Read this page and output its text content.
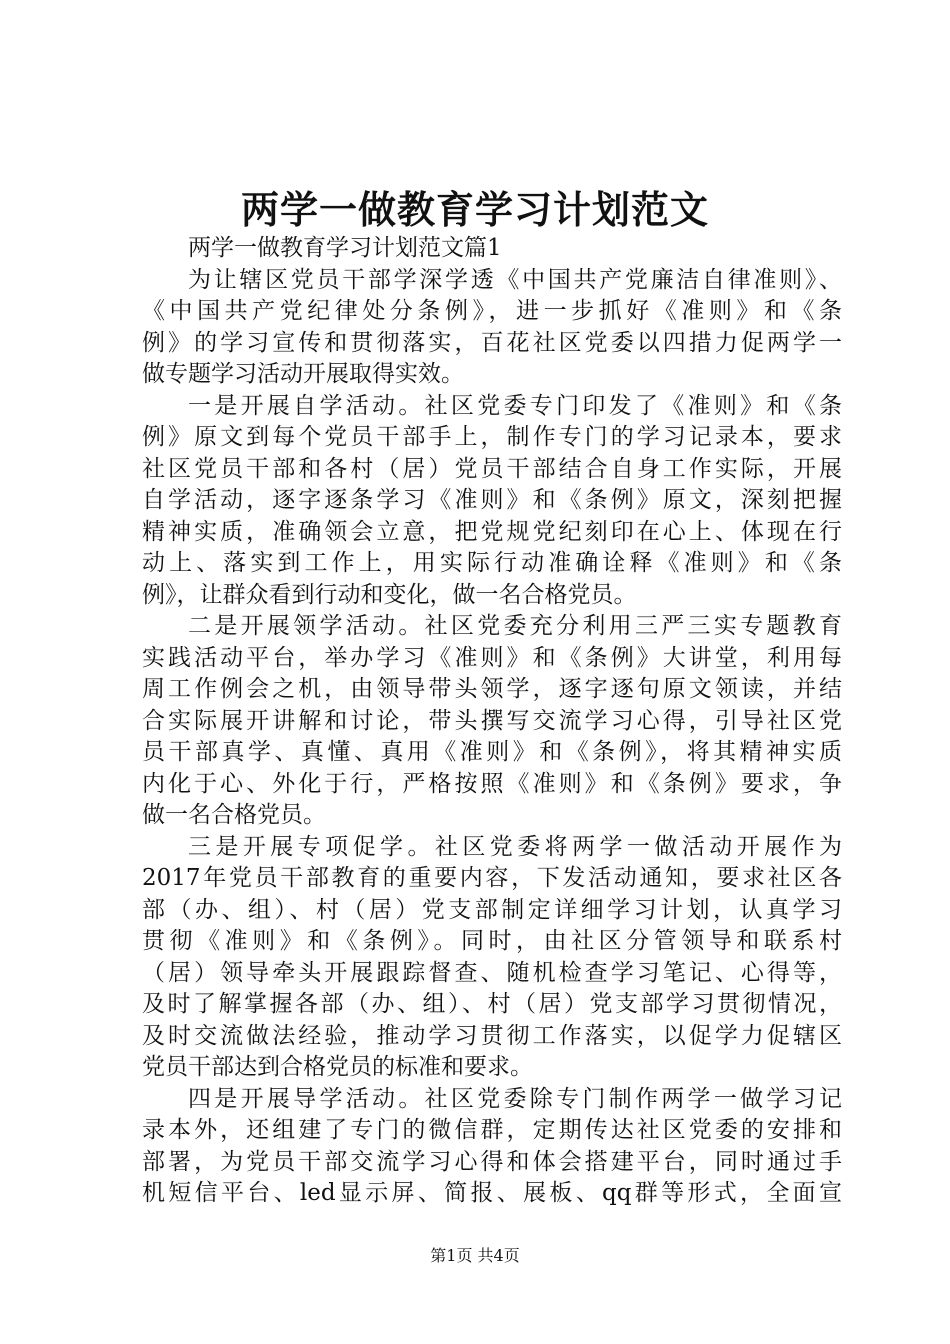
两学一做教育学习计划范文
两学一做教育学习计划范文篇1
为让辖区党员干部学深学透《中国共产党廉洁自律准则》、
《中国共产党纪律处分条例》，进一步抓好《准则》和《条
例》的学习宣传和贯彻落实，百花社区党委以四措力促两学一
做专题学习活动开展取得实效。
一是开展自学活动。社区党委专门印发了《准则》和《条
例》原文到每个党员干部手上，制作专门的学习记录本，要求
社区党员干部和各村（居）党员干部结合自身工作实际，开展
自学活动，逐字逐条学习《准则》和《条例》原文，深刻把握
精神实质，准确领会立意，把党规党纪刻印在心上、体现在行
动上、落实到工作上，用实际行动准确诠释《准则》和《条
例》，让群众看到行动和变化，做一名合格党员。
二是开展领学活动。社区党委充分利用三严三实专题教育
实践活动平台，举办学习《准则》和《条例》大讲堂，利用每
周工作例会之机，由领导带头领学，逐字逐句原文领读，并结
合实际展开讲解和讨论，带头撰写交流学习心得，引导社区党
员干部真学、真懂、真用《准则》和《条例》，将其精神实质
内化于心、外化于行，严格按照《准则》和《条例》要求，争
做一名合格党员。
三是开展专项促学。社区党委将两学一做活动开展作为
2017年党员干部教育的重要内容，下发活动通知，要求社区各
部（办、组）、村（居）党支部制定详细学习计划，认真学习
贯彻《准则》和《条例》。同时，由社区分管领导和联系村
（居）领导牵头开展跟踪督查、随机检查学习笔记、心得等，
及时了解掌握各部（办、组）、村（居）党支部学习贯彻情况，
及时交流做法经验，推动学习贯彻工作落实，以促学力促辖区
党员干部达到合格党员的标准和要求。
四是开展导学活动。社区党委除专门制作两学一做学习记
录本外，还组建了专门的微信群，定期传达社区党委的安排和
部署，为党员干部交流学习心得和体会搭建平台，同时通过手
机短信平台、led显示屏、简报、展板、qq群等形式，全面宣
第1页 共4页
